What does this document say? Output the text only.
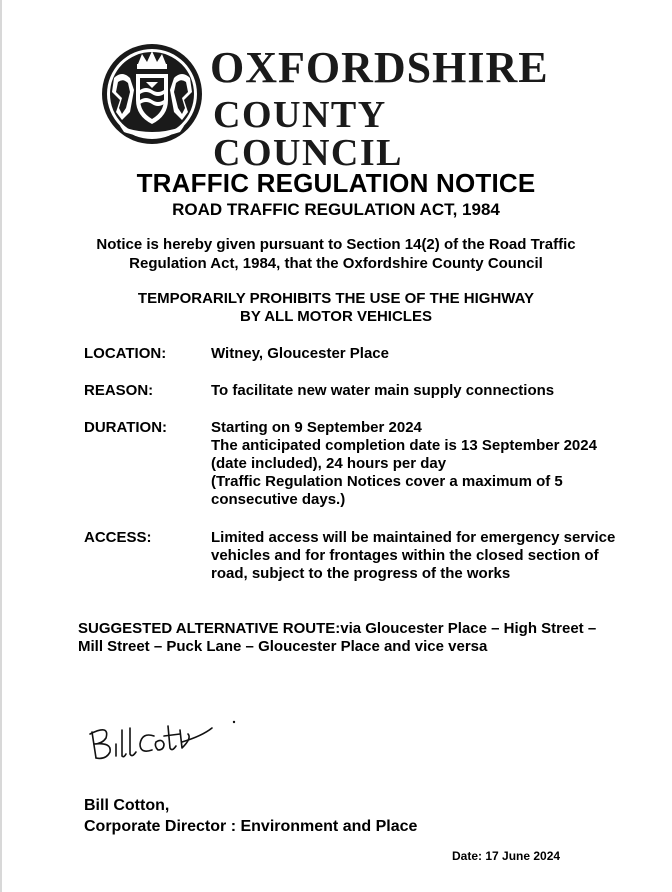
OXFORDSHIRE
COUNTY COUNCIL
TRAFFIC REGULATION NOTICE
ROAD TRAFFIC REGULATION ACT, 1984
Notice is hereby given pursuant to Section 14(2) of the Road Traffic
Regulation Act, 1984, that the Oxfordshire County Council
TEMPORARILY PROHIBITS THE USE OF THE HIGHWAY
BY ALL MOTOR VEHICLES
LOCATION:	Witney, Gloucester Place
REASON:	To facilitate new water main supply connections
DURATION:	Starting on 9 September 2024
The anticipated completion date is 13 September 2024
(date included), 24 hours per day
(Traffic Regulation Notices cover a maximum of 5
consecutive days.)
ACCESS:	Limited access will be maintained for emergency service
vehicles and for frontages within the closed section of
road, subject to the progress of the works
SUGGESTED ALTERNATIVE ROUTE:via Gloucester Place – High Street –
Mill Street – Puck Lane – Gloucester Place and vice versa
Bill Cotton,
Corporate Director : Environment and Place
Date: 17 June 2024
